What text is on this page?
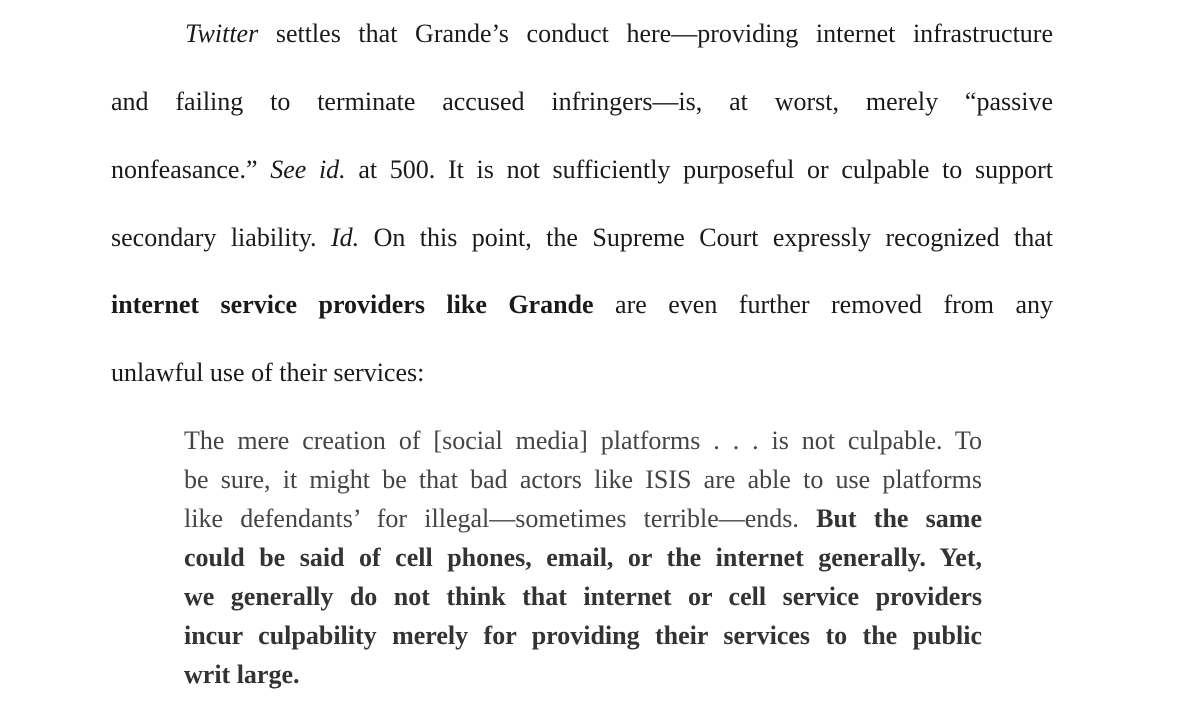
Twitter settles that Grande’s conduct here—providing internet infrastructure
and failing to terminate accused infringers—is, at worst, merely “passive
nonfeasance.” See id. at 500. It is not sufficiently purposeful or culpable to support
secondary liability. Id. On this point, the Supreme Court expressly recognized that
internet service providers like Grande are even further removed from any
unlawful use of their services:
The mere creation of [social media] platforms . . . is not culpable. To
be sure, it might be that bad actors like ISIS are able to use platforms
like defendants’ for illegal—sometimes terrible—ends. But the same
could be said of cell phones, email, or the internet generally. Yet,
we generally do not think that internet or cell service providers
incur culpability merely for providing their services to the public
writ large.
